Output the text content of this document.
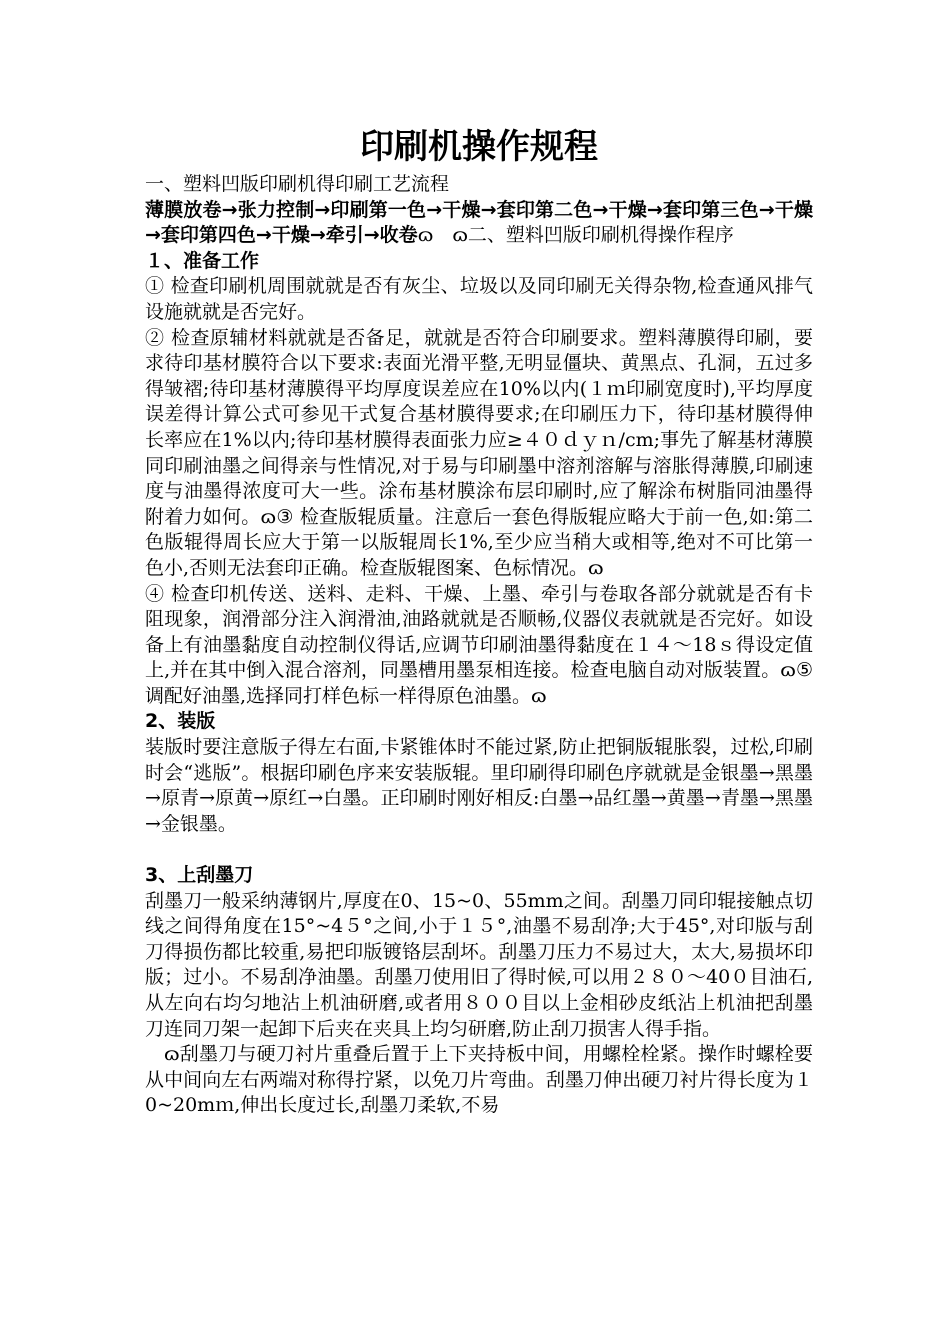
印刷机操作规程

一、塑料凹版印刷机得印刷工艺流程

薄膜放卷→张力控制→印刷第一色→干燥→套印第二色→干燥→套印第三色→干燥→套印第四色→干燥→牵引→收卷ɷ　 ɷ二、塑料凹版印刷机得操作程序

１、准备工作

① 检查印刷机周围就就是否有灰尘、垃圾以及同印刷无关得杂物,检查通风排气设施就就是否完好。

② 检查原辅材料就就是否备足，就就是否符合印刷要求。塑料薄膜得印刷，要求待印基材膜符合以下要求:表面光滑平整,无明显僵块、黄黑点、孔洞，五过多得皱褶;待印基材薄膜得平均厚度误差应在10%以内(１ｍ印刷宽度时),平均厚度误差得计算公式可参见干式复合基材膜得要求;在印刷压力下，待印基材膜得伸长率应在1%以内;待印基材膜得表面张力应≥４０ｄｙｎ/cm;事先了解基材薄膜同印刷油墨之间得亲与性情况,对于易与印刷墨中溶剂溶解与溶胀得薄膜,印刷速度与油墨得浓度可大一些。涂布基材膜涂布层印刷时,应了解涂布树脂同油墨得附着力如何。ɷ③ 检查版辊质量。注意后一套色得版辊应略大于前一色,如:第二色版辊得周长应大于第一以版辊周长1%,至少应当稍大或相等,绝对不可比第一色小,否则无法套印正确。检查版辊图案、色标情况。ɷ

④ 检查印机传送、送料、走料、干燥、上墨、牵引与卷取各部分就就是否有卡阻现象，润滑部分注入润滑油,油路就就是否顺畅,仪器仪表就就是否完好。如设备上有油墨黏度自动控制仪得话,应调节印刷油墨得黏度在１４～18ｓ得设定值上,并在其中倒入混合溶剂，同墨槽用墨泵相连接。检查电脑自动对版装置。ɷ⑤ 调配好油墨,选择同打样色标一样得原色油墨。ɷ

2、装版

装版时要注意版子得左右面,卡紧锥体时不能过紧,防止把铜版辊胀裂，过松,印刷时会“逃版”。根据印刷色序来安装版辊。里印刷得印刷色序就就是金银墨→黑墨→原青→原黄→原红→白墨。正印刷时刚好相反:白墨→品红墨→黄墨→青墨→黑墨→金银墨。

3、上刮墨刀

刮墨刀一般采纳薄钢片,厚度在0、15~0、55mm之间。刮墨刀同印辊接触点切线之间得角度在15°~4５°之间,小于１５°,油墨不易刮净;大于45°,对印版与刮刀得损伤都比较重,易把印版镀铬层刮坏。刮墨刀压力不易过大，太大,易损坏印版；过小。不易刮净油墨。刮墨刀使用旧了得时候,可以用２８０～40０目油石,从左向右均匀地沾上机油研磨,或者用８００目以上金相砂皮纸沾上机油把刮墨刀连同刀架一起卸下后夹在夹具上均匀研磨,防止刮刀损害人得手指。

ɷ刮墨刀与硬刀衬片重叠后置于上下夹持板中间，用螺栓栓紧。操作时螺栓要从中间向左右两端对称得拧紧，以免刀片弯曲。刮墨刀伸出硬刀衬片得长度为１0~20mｍ,伸出长度过长,刮墨刀柔软,不易
